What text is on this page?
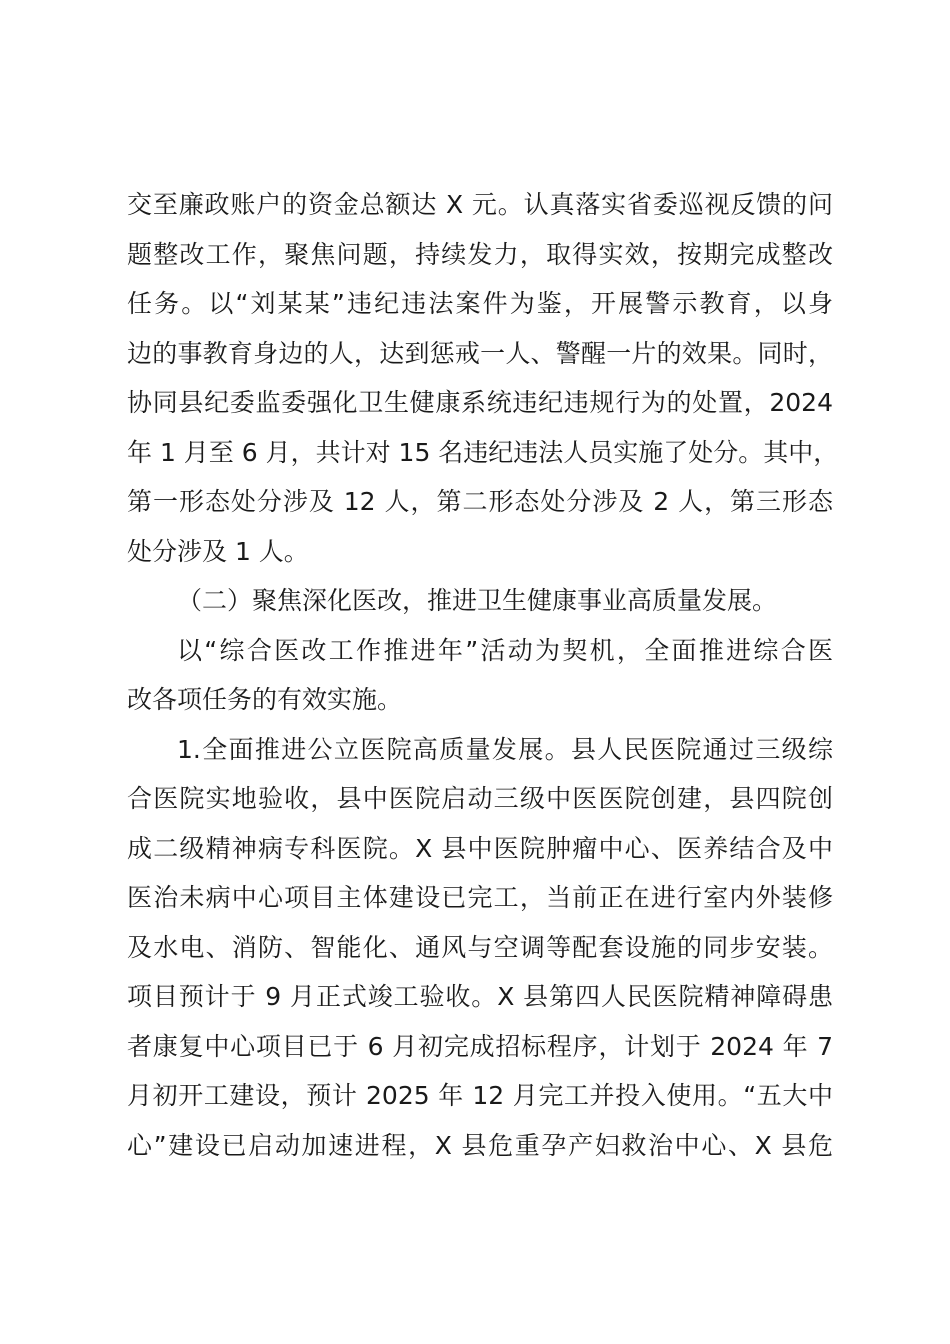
交至廉政账户的资金总额达 X 元。认真落实省委巡视反馈的问
题整改工作，聚焦问题，持续发力，取得实效，按期完成整改
任务。以“刘某某”违纪违法案件为鉴，开展警示教育，以身
边的事教育身边的人，达到惩戒一人、警醒一片的效果。同时，
协同县纪委监委强化卫生健康系统违纪违规行为的处置，2024
年 1 月至 6 月，共计对 15 名违纪违法人员实施了处分。其中，
第一形态处分涉及 12 人，第二形态处分涉及 2 人，第三形态
处分涉及 1 人。
（二）聚焦深化医改，推进卫生健康事业高质量发展。
以“综合医改工作推进年”活动为契机，全面推进综合医
改各项任务的有效实施。
1.全面推进公立医院高质量发展。县人民医院通过三级综
合医院实地验收，县中医院启动三级中医医院创建，县四院创
成二级精神病专科医院。X 县中医院肿瘤中心、医养结合及中
医治未病中心项目主体建设已完工，当前正在进行室内外装修
及水电、消防、智能化、通风与空调等配套设施的同步安装。
项目预计于 9 月正式竣工验收。X 县第四人民医院精神障碍患
者康复中心项目已于 6 月初完成招标程序，计划于 2024 年 7
月初开工建设，预计 2025 年 12 月完工并投入使用。“五大中
心”建设已启动加速进程，X 县危重孕产妇救治中心、X 县危
